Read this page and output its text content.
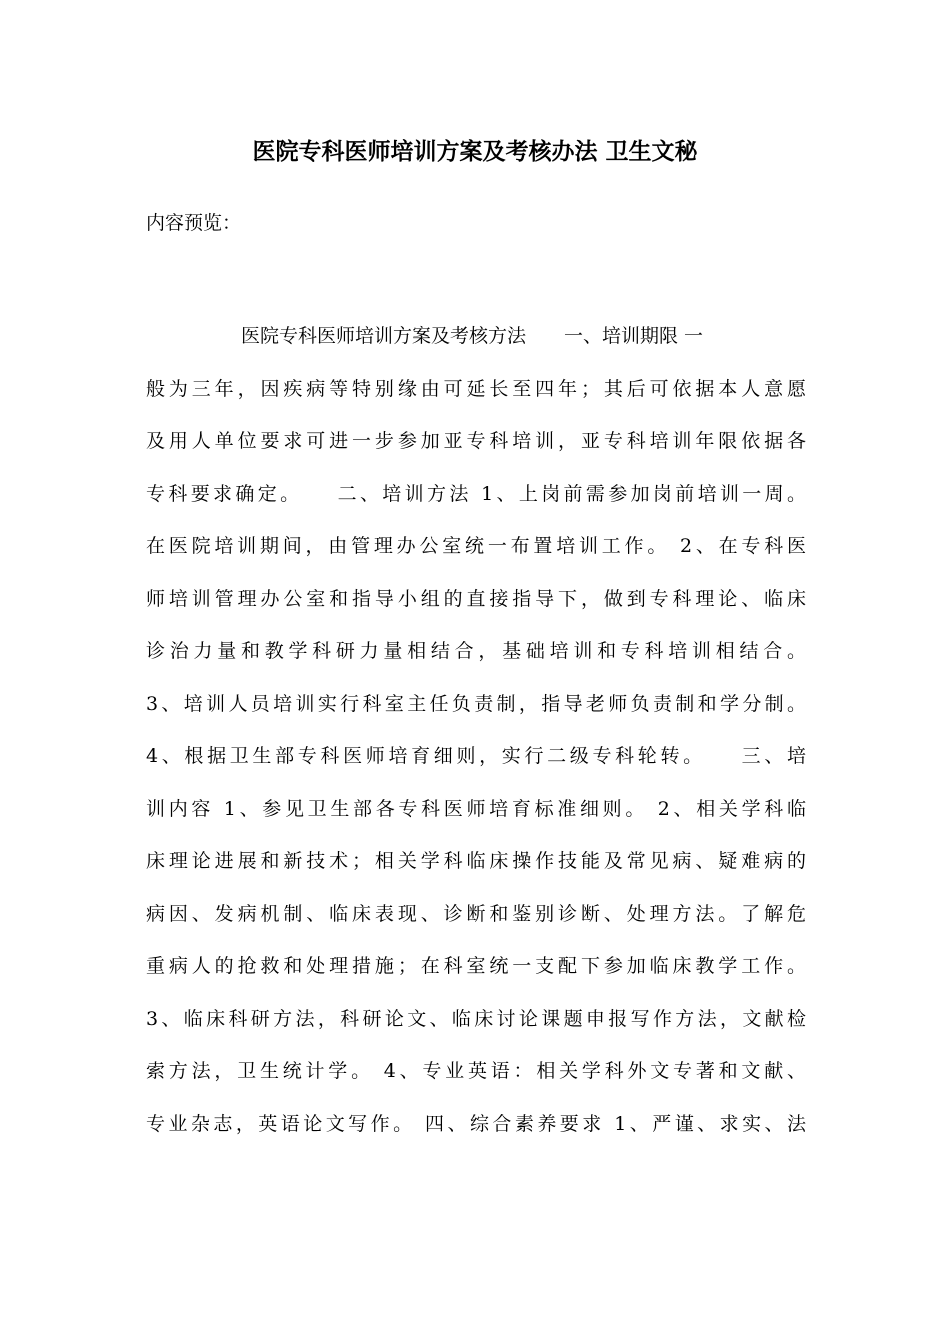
医院专科医师培训方案及考核办法 卫生文秘
内容预览：
　　　　　医院专科医师培训方案及考核方法　　一、培训期限 一
般为三年，因疾病等特别缘由可延长至四年；其后可依据本人意愿
及用人单位要求可进一步参加亚专科培训，亚专科培训年限依据各
专科要求确定。　　二、培训方法 1、上岗前需参加岗前培训一周。
在医院培训期间，由管理办公室统一布置培训工作。 2、在专科医
师培训管理办公室和指导小组的直接指导下，做到专科理论、临床
诊治力量和教学科研力量相结合，基础培训和专科培训相结合。
3、培训人员培训实行科室主任负责制，指导老师负责制和学分制。
4、根据卫生部专科医师培育细则，实行二级专科轮转。　　三、培
训内容 1、参见卫生部各专科医师培育标准细则。 2、相关学科临
床理论进展和新技术；相关学科临床操作技能及常见病、疑难病的
病因、发病机制、临床表现、诊断和鉴别诊断、处理方法。了解危
重病人的抢救和处理措施；在科室统一支配下参加临床教学工作。
3、临床科研方法，科研论文、临床讨论课题申报写作方法，文献检
索方法，卫生统计学。 4、专业英语：相关学科外文专著和文献、
专业杂志，英语论文写作。 四、综合素养要求 1、严谨、求实、法
